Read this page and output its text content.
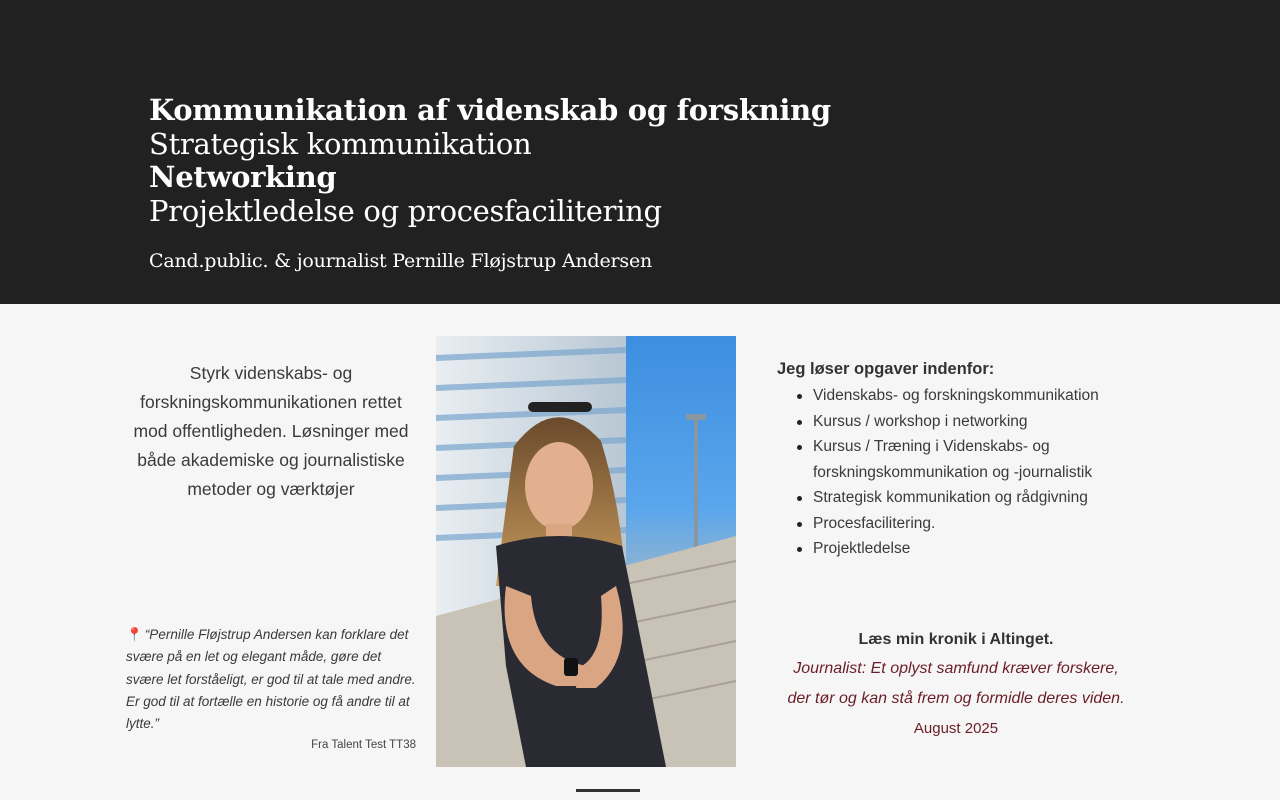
Kommunikation af videnskab og forskning
Strategisk kommunikation
Networking
Projektledelse og procesfacilitering
Cand.public. & journalist Pernille Fløjstrup Andersen

Styrk videnskabs- og forskningskommunikationen rettet mod offentligheden. Løsninger med både akademiske og journalistiske metoder og værktøjer

📍 “Pernille Fløjstrup Andersen kan forklare det svære på en let og elegant måde, gøre det svære let forståeligt, er god til at tale med andre. Er god til at fortælle en historie og få andre til at lytte.”

Fra Talent Test TT38
Jeg løser opgaver indenfor:
Videnskabs- og forskningskommunikation
Kursus / workshop i networking
Kursus / Træning i Videnskabs- og forskningskommunikation og -journalistik
Strategisk kommunikation og rådgivning
Procesfacilitering.
Projektledelse
Læs min kronik i Altinget.
Journalist: Et oplyst samfund kræver forskere,
der tør og kan stå frem og formidle deres viden.
August 2025
